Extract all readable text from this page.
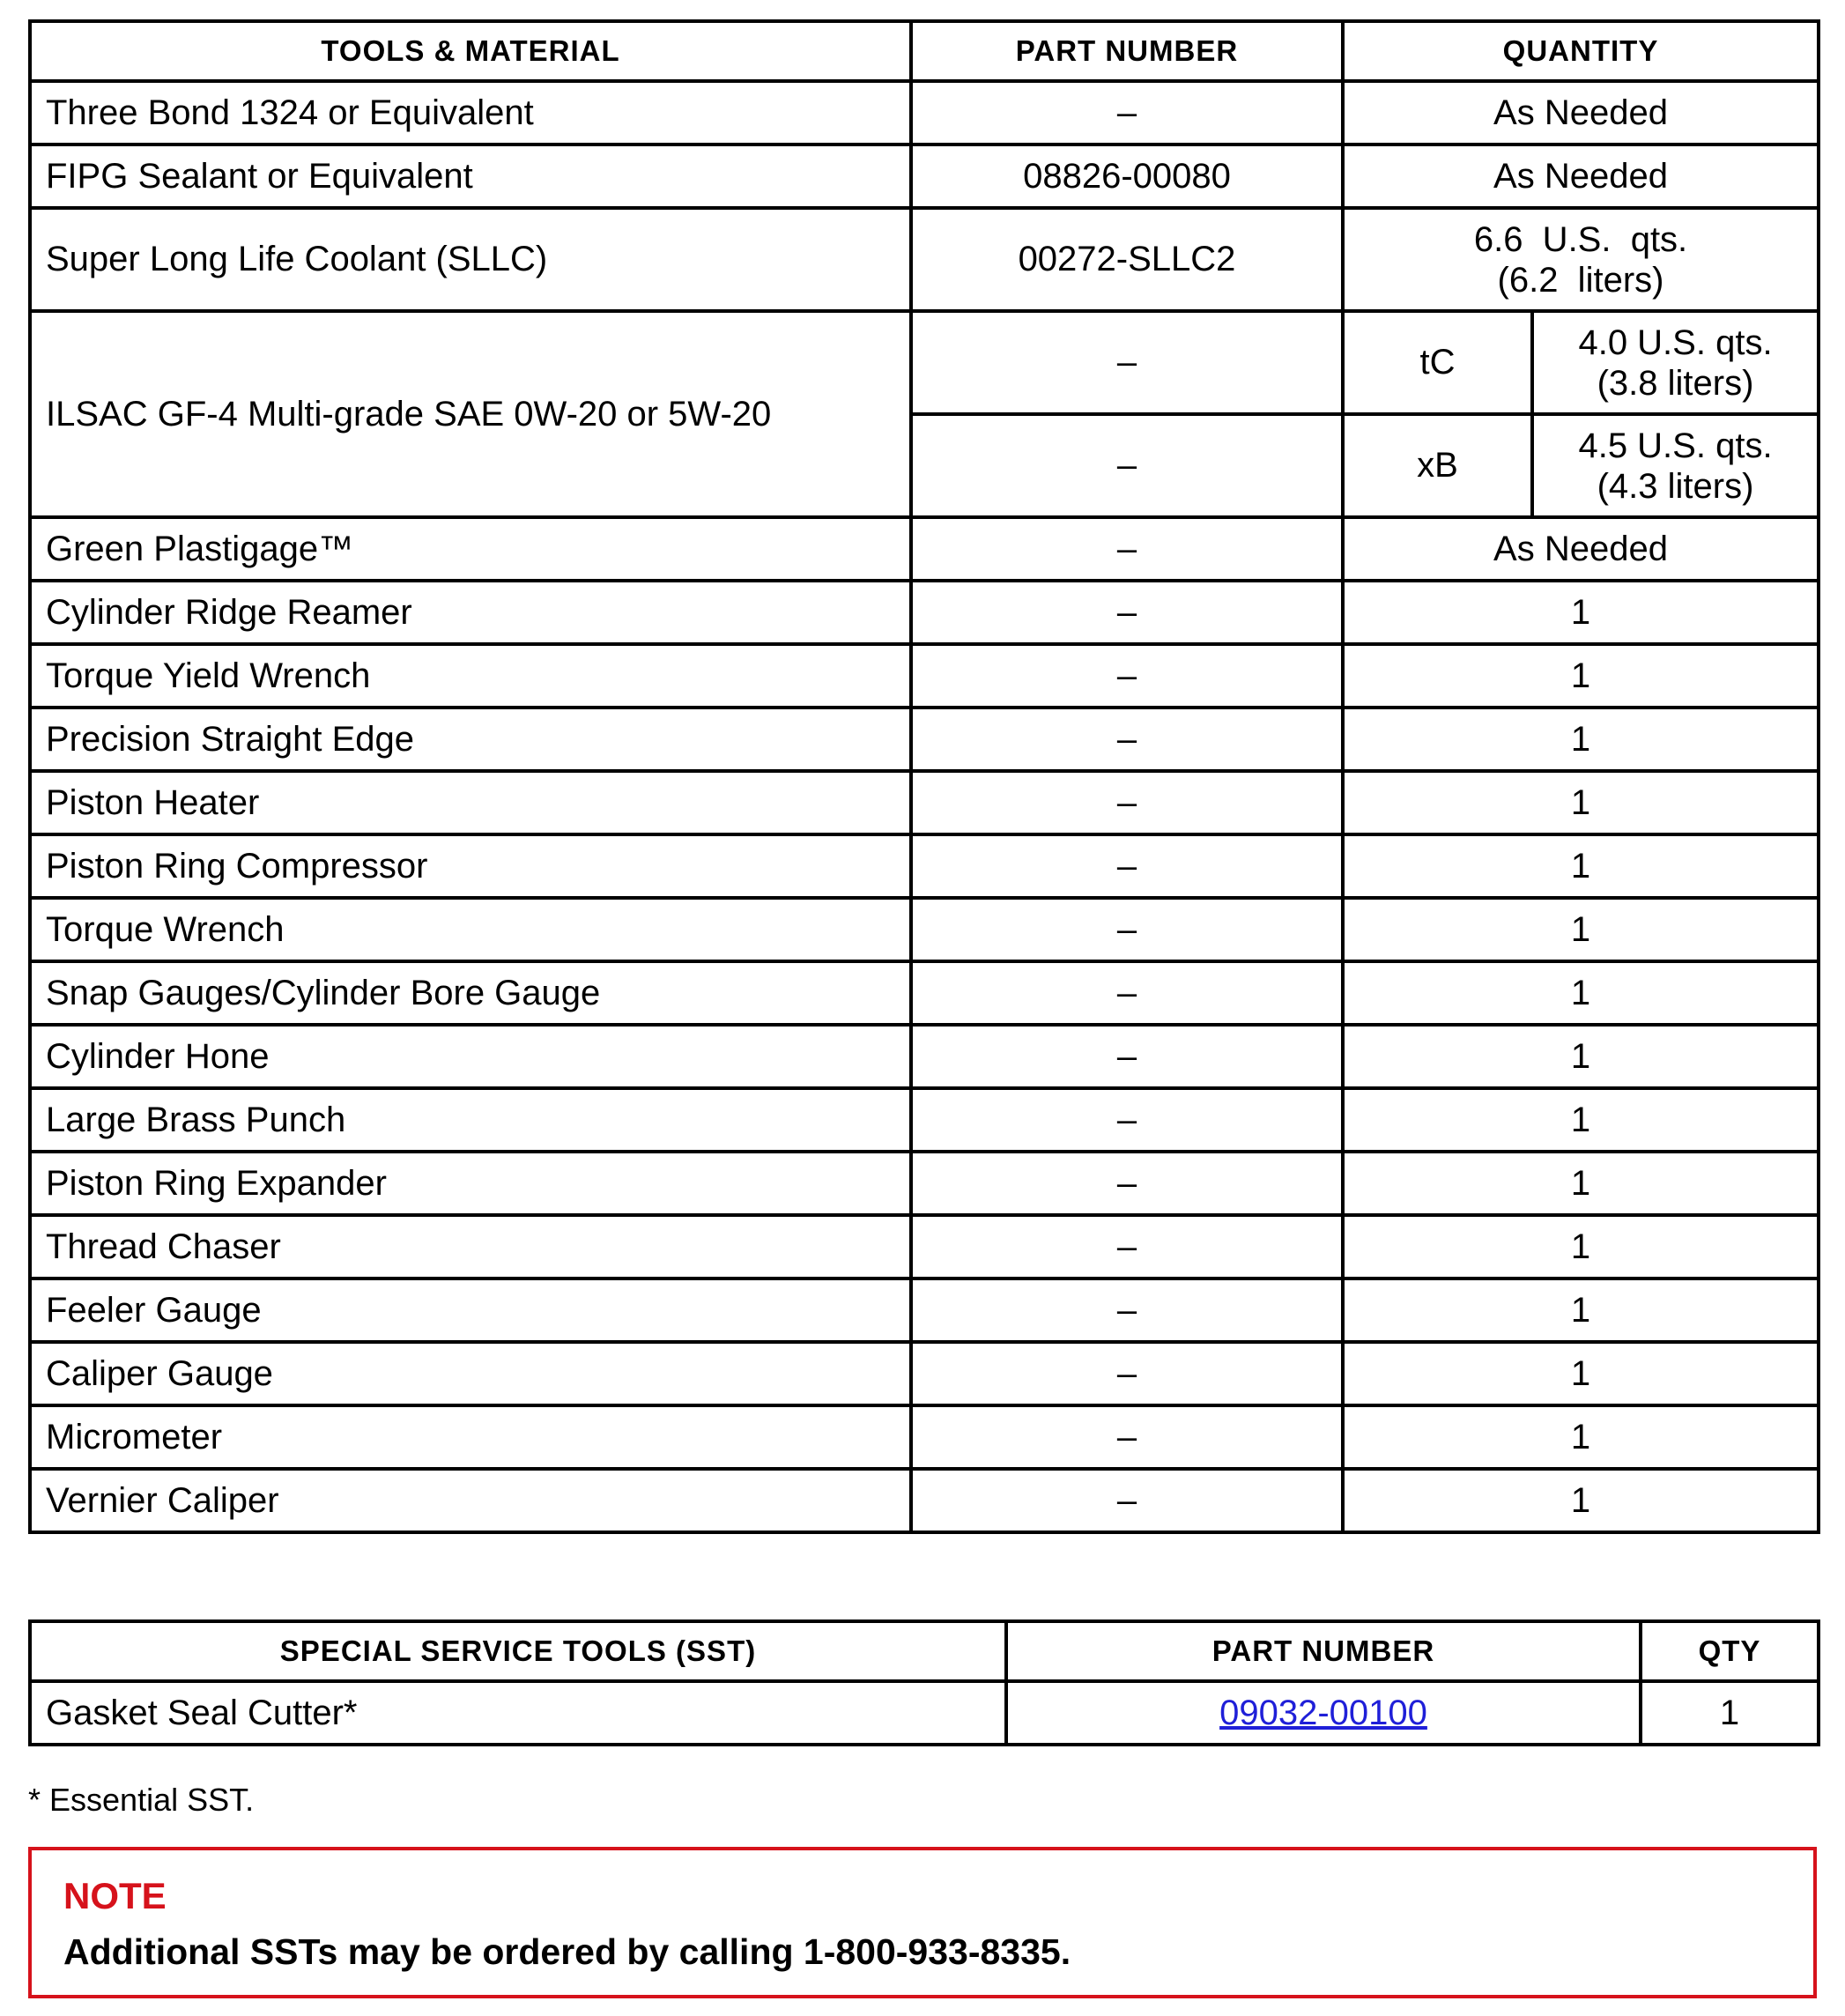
TOOLS & MATERIAL	PART NUMBER	QUANTITY	
Three Bond 1324 or Equivalent	–	As Needed	
FIPG Sealant or Equivalent	08826-00080	As Needed	
Super Long Life Coolant (SLLC)	00272-SLLC2	6.6  U.S.  qts.
(6.2  liters)	

ILSAC GF-4 Multi-grade SAE 0W-20 or 5W-20	–	tC	4.0 U.S. qts.
(3.8 liters)

	–	xB	4.5 U.S. qts.
(4.3 liters)

Green Plastigage™	–	As Needed	
Cylinder Ridge Reamer	–	1	
Torque Yield Wrench	–	1	
Precision Straight Edge	–	1	
Piston Heater	–	1	
Piston Ring Compressor	–	1	
Torque Wrench	–	1	
Snap Gauges/Cylinder Bore Gauge	–	1	
Cylinder Hone	–	1	
Large Brass Punch	–	1	
Piston Ring Expander	–	1	
Thread Chaser	–	1	
Feeler Gauge	–	1	
Caliper Gauge	–	1	
Micrometer	–	1	
Vernier Caliper	–	1	
SPECIAL SERVICE TOOLS (SST)	PART NUMBER	QTY
Gasket Seal Cutter*	09032-00100	1
* Essential SST.
NOTE
Additional SSTs may be ordered by calling 1-800-933-8335.
